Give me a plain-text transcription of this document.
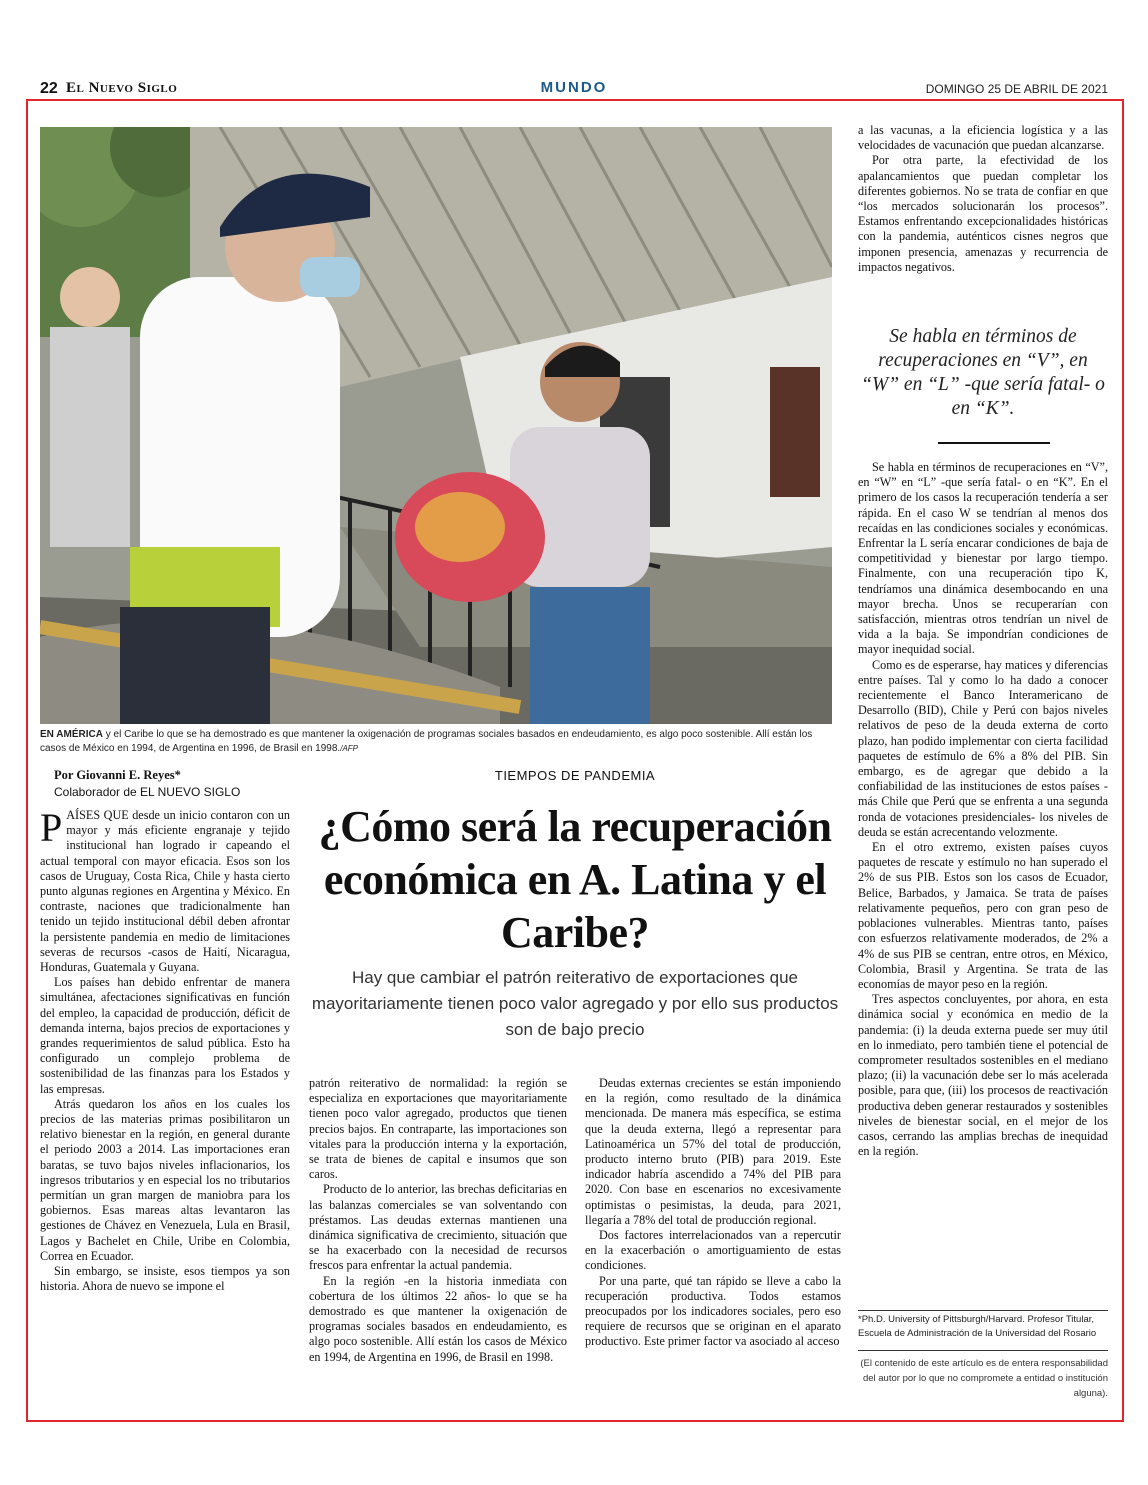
22 El Nuevo Siglo	MUNDO	DOMINGO 25 DE ABRIL DE 2021
EN AMÉRICA y el Caribe lo que se ha demostrado es que mantener la oxigenación de programas sociales basados en endeudamiento, es algo poco sostenible. Allí están los casos de México en 1994, de Argentina en 1996, de Brasil en 1998./AFP
Por Giovanni E. Reyes*
Colaborador de EL NUEVO SIGLO
TIEMPOS DE PANDEMIA
¿Cómo será la recuperación económica en A. Latina y el Caribe?
Hay que cambiar el patrón reiterativo de exportaciones que mayoritariamente tienen poco valor agregado y por ello sus productos son de bajo precio

PAÍSES QUE desde un inicio contaron con un mayor y más eficiente engranaje y tejido institucional han logrado ir capeando el actual temporal con mayor eficacia. Esos son los casos de Uruguay, Costa Rica, Chile y hasta cierto punto algunas regiones en Argentina y México. En contraste, naciones que tradicionalmente han tenido un tejido institucional débil deben afrontar la persistente pandemia en medio de limitaciones severas de recursos -casos de Haití, Nicaragua, Honduras, Guatemala y Guyana.

Los países han debido enfrentar de manera simultánea, afectaciones significativas en función del empleo, la capacidad de producción, déficit de demanda interna, bajos precios de exportaciones y grandes requerimientos de salud pública. Esto ha configurado un complejo problema de sostenibilidad de las finanzas para los Estados y las empresas.

Atrás quedaron los años en los cuales los precios de las materias primas posibilitaron un relativo bienestar en la región, en general durante el periodo 2003 a 2014. Las importaciones eran baratas, se tuvo bajos niveles inflacionarios, los ingresos tributarios y en especial los no tributarios permitían un gran margen de maniobra para los gobiernos. Esas mareas altas levantaron las gestiones de Chávez en Venezuela, Lula en Brasil, Lagos y Bachelet en Chile, Uribe en Colombia, Correa en Ecuador.

Sin embargo, se insiste, esos tiempos ya son historia. Ahora de nuevo se impone el

patrón reiterativo de normalidad: la región se especializa en exportaciones que mayoritariamente tienen poco valor agregado, productos que tienen precios bajos. En contraparte, las importaciones son vitales para la producción interna y la exportación, se trata de bienes de capital e insumos que son caros.

Producto de lo anterior, las brechas deficitarias en las balanzas comerciales se van solventando con préstamos. Las deudas externas mantienen una dinámica significativa de crecimiento, situación que se ha exacerbado con la necesidad de recursos frescos para enfrentar la actual pandemia.

En la región -en la historia inmediata con cobertura de los últimos 22 años- lo que se ha demostrado es que mantener la oxigenación de programas sociales basados en endeudamiento, es algo poco sostenible. Allí están los casos de México en 1994, de Argentina en 1996, de Brasil en 1998.

Deudas externas crecientes se están imponiendo en la región, como resultado de la dinámica mencionada. De manera más específica, se estima que la deuda externa, llegó a representar para Latinoamérica un 57% del total de producción, producto interno bruto (PIB) para 2019. Este indicador habría ascendido a 74% del PIB para 2020. Con base en escenarios no excesivamente optimistas o pesimistas, la deuda, para 2021, llegaría a 78% del total de producción regional.

Dos factores interrelacionados van a repercutir en la exacerbación o amortiguamiento de estas condiciones.

Por una parte, qué tan rápido se lleve a cabo la recuperación productiva. Todos estamos preocupados por los indicadores sociales, pero eso requiere de recursos que se originan en el aparato productivo. Este primer factor va asociado al acceso

a las vacunas, a la eficiencia logística y a las velocidades de vacunación que puedan alcanzarse.

Por otra parte, la efectividad de los apalancamientos que puedan completar los diferentes gobiernos. No se trata de confiar en que “los mercados solucionarán los procesos”. Estamos enfrentando excepcionalidades históricas con la pandemia, auténticos cisnes negros que imponen presencia, amenazas y recurrencia de impactos negativos.

Se habla en términos de recuperaciones en “V”, en “W” en “L” -que sería fatal- o en “K”.

Se habla en términos de recuperaciones en “V”, en “W” en “L” -que sería fatal- o en “K”. En el primero de los casos la recuperación tendería a ser rápida. En el caso W se tendrían al menos dos recaídas en las condiciones sociales y económicas. Enfrentar la L sería encarar condiciones de baja de competitividad y bienestar por largo tiempo. Finalmente, con una recuperación tipo K, tendríamos una dinámica desembocando en una mayor brecha. Unos se recuperarían con satisfacción, mientras otros tendrían un nivel de vida a la baja. Se impondrían condiciones de mayor inequidad social.

Como es de esperarse, hay matices y diferencias entre países. Tal y como lo ha dado a conocer recientemente el Banco Interamericano de Desarrollo (BID), Chile y Perú con bajos niveles relativos de peso de la deuda externa de corto plazo, han podido implementar con cierta facilidad paquetes de estímulo de 6% a 8% del PIB. Sin embargo, es de agregar que debido a la confiabilidad de las instituciones de estos países -más Chile que Perú que se enfrenta a una segunda ronda de votaciones presidenciales- los niveles de deuda se están acrecentando velozmente.

En el otro extremo, existen países cuyos paquetes de rescate y estímulo no han superado el 2% de sus PIB. Estos son los casos de Ecuador, Belice, Barbados, y Jamaica. Se trata de países relativamente pequeños, pero con gran peso de poblaciones vulnerables. Mientras tanto, países con esfuerzos relativamente moderados, de 2% a 4% de sus PIB se centran, entre otros, en México, Colombia, Brasil y Argentina. Se trata de las economías de mayor peso en la región.

Tres aspectos concluyentes, por ahora, en esta dinámica social y económica en medio de la pandemia: (i) la deuda externa puede ser muy útil en lo inmediato, pero también tiene el potencial de comprometer resultados sostenibles en el mediano plazo; (ii) la vacunación debe ser lo más acelerada posible, para que, (iii) los procesos de reactivación productiva deben generar restaurados y sostenibles niveles de bienestar social, en el mejor de los casos, cerrando las amplias brechas de inequidad en la región.

*Ph.D. University of Pittsburgh/Harvard. Profesor Titular, Escuela de Administración de la Universidad del Rosario
(El contenido de este artículo es de entera responsabilidad del autor por lo que no compromete a entidad o institución alguna).
